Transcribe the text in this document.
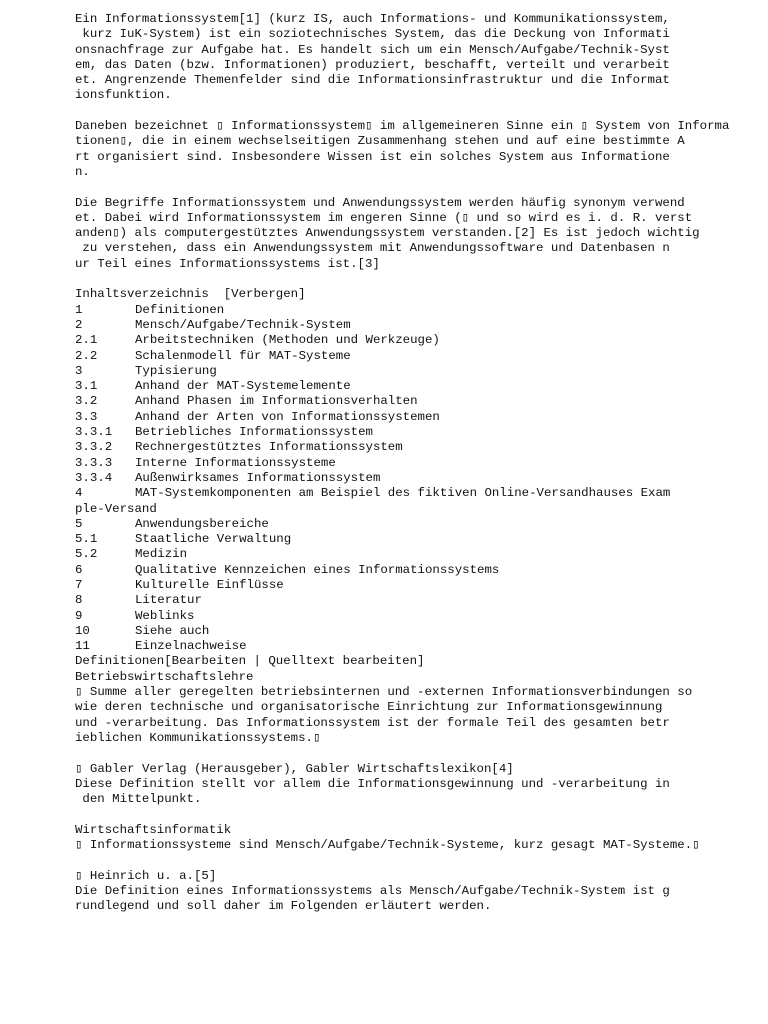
Ein Informationssystem[1] (kurz IS, auch Informations- und Kommunikationssystem,
kurz IuK-System) ist ein soziotechnisches System, das die Deckung von Informati
onsnachfrage zur Aufgabe hat. Es handelt sich um ein Mensch/Aufgabe/Technik-Syst
em, das Daten (bzw. Informationen) produziert, beschafft, verteilt und verarbeit
et. Angrenzende Themenfelder sind die Informationsinfrastruktur und die Informat
ionsfunktion.
Daneben bezeichnet ▯ Informationssystem▯ im allgemeineren Sinne ein ▯ System von Informa
tionen▯, die in einem wechselseitigen Zusammenhang stehen und auf eine bestimmte A
rt organisiert sind. Insbesondere Wissen ist ein solches System aus Informatione
n.
Die Begriffe Informationssystem und Anwendungssystem werden häufig synonym verwend
et. Dabei wird Informationssystem im engeren Sinne (▯ und so wird es i. d. R. verst
anden▯) als computergestütztes Anwendungssystem verstanden.[2] Es ist jedoch wichtig
zu verstehen, dass ein Anwendungssystem mit Anwendungssoftware und Datenbasen n
ur Teil eines Informationssystems ist.[3]
Inhaltsverzeichnis  [Verbergen]
1	Definitionen
2	Mensch/Aufgabe/Technik-System
2.1	Arbeitstechniken (Methoden und Werkzeuge)
2.2	Schalenmodell für MAT-Systeme
3	Typisierung
3.1	Anhand der MAT-Systemelemente
3.2	Anhand Phasen im Informationsverhalten
3.3	Anhand der Arten von Informationssystemen
3.3.1	Betriebliches Informationssystem
3.3.2	Rechnergestütztes Informationssystem
3.3.3	Interne Informationssysteme
3.3.4	Außenwirksames Informationssystem
4	MAT-Systemkomponenten am Beispiel des fiktiven Online-Versandhauses Exam
ple-Versand
5	Anwendungsbereiche
5.1	Staatliche Verwaltung
5.2	Medizin
6	Qualitative Kennzeichen eines Informationssystems
7	Kulturelle Einflüsse
8	Literatur
9	Weblinks
10	Siehe auch
11	Einzelnachweise
Definitionen[Bearbeiten | Quelltext bearbeiten]
Betriebswirtschaftslehre
▯ Summe aller geregelten betriebsinternen und -externen Informationsverbindungen so
wie deren technische und organisatorische Einrichtung zur Informationsgewinnung
und -verarbeitung. Das Informationssystem ist der formale Teil des gesamten betr
ieblichen Kommunikationssystems.▯
▯ Gabler Verlag (Herausgeber), Gabler Wirtschaftslexikon[4]
Diese Definition stellt vor allem die Informationsgewinnung und -verarbeitung in
den Mittelpunkt.
Wirtschaftsinformatik
▯ Informationssysteme sind Mensch/Aufgabe/Technik-Systeme, kurz gesagt MAT-Systeme.▯
▯ Heinrich u. a.[5]
Die Definition eines Informationssystems als Mensch/Aufgabe/Technik-System ist g
rundlegend und soll daher im Folgenden erläutert werden.
